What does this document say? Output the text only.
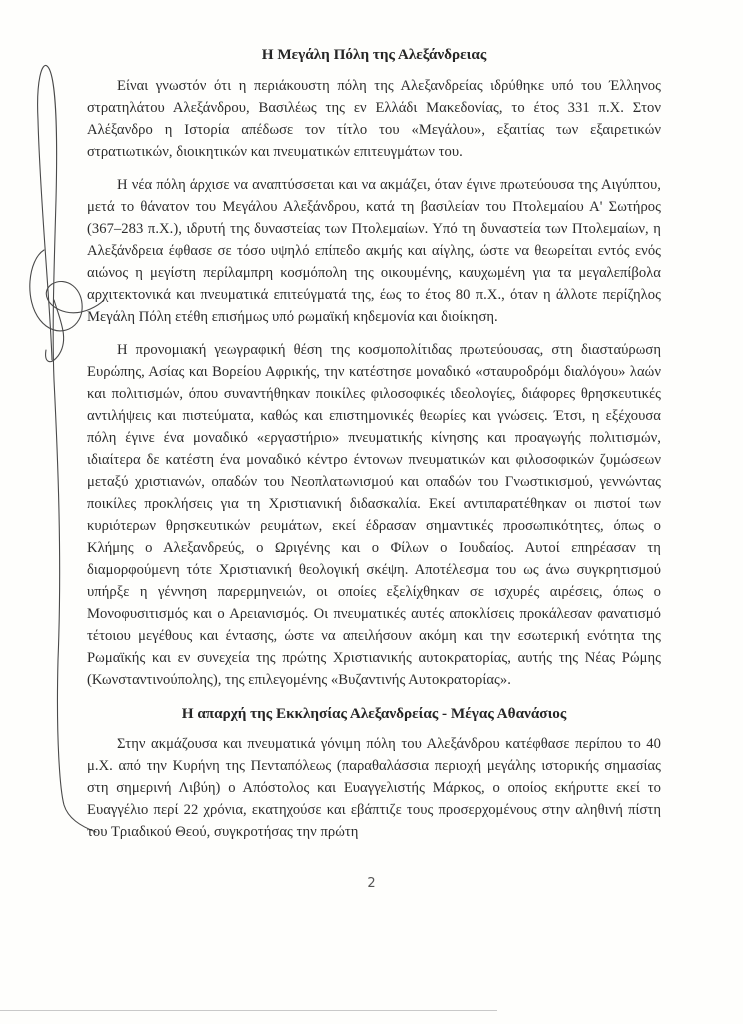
Η Μεγάλη Πόλη της Αλεξάνδρειας

Είναι γνωστόν ότι η περιάκουστη πόλη της Αλεξανδρείας ιδρύθηκε υπό του Έλληνος στρατηλάτου Αλεξάνδρου, Βασιλέως της εν Ελλάδι Μακεδονίας, το έτος 331 π.Χ. Στον Αλέξανδρο η Ιστορία απέδωσε τον τίτλο του «Μεγάλου», εξαιτίας των εξαιρετικών στρατιωτικών, διοικητικών και πνευματικών επιτευγμάτων του.

Η νέα πόλη άρχισε να αναπτύσσεται και να ακμάζει, όταν έγινε πρωτεύουσα της Αιγύπτου, μετά το θάνατον του Μεγάλου Αλεξάνδρου, κατά τη βασιλείαν του Πτολεμαίου Α' Σωτήρος (367–283 π.Χ.), ιδρυτή της δυναστείας των Πτολεμαίων. Υπό τη δυναστεία των Πτολεμαίων, η Αλεξάνδρεια έφθασε σε τόσο υψηλό επίπεδο ακμής και αίγλης, ώστε να θεωρείται εντός ενός αιώνος η μεγίστη περίλαμπρη κοσμόπολη της οικουμένης, καυχωμένη για τα μεγαλεπίβολα αρχιτεκτονικά και πνευματικά επιτεύγματά της, έως το έτος 80 π.Χ., όταν η άλλοτε περίζηλος Μεγάλη Πόλη ετέθη επισήμως υπό ρωμαϊκή κηδεμονία και διοίκηση.

Η προνομιακή γεωγραφική θέση της κοσμοπολίτιδας πρωτεύουσας, στη διασταύρωση Ευρώπης, Ασίας και Βορείου Αφρικής, την κατέστησε μοναδικό «σταυροδρόμι διαλόγου» λαών και πολιτισμών, όπου συναντήθηκαν ποικίλες φιλοσοφικές ιδεολογίες, διάφορες θρησκευτικές αντιλήψεις και πιστεύματα, καθώς και επιστημονικές θεωρίες και γνώσεις. Έτσι, η εξέχουσα πόλη έγινε ένα μοναδικό «εργαστήριο» πνευματικής κίνησης και προαγωγής πολιτισμών, ιδιαίτερα δε κατέστη ένα μοναδικό κέντρο έντονων πνευματικών και φιλοσοφικών ζυμώσεων μεταξύ χριστιανών, οπαδών του Νεοπλατωνισμού και οπαδών του Γνωστικισμού, γεννώντας ποικίλες προκλήσεις για τη Χριστιανική διδασκαλία. Εκεί αντιπαρατέθηκαν οι πιστοί των κυριότερων θρησκευτικών ρευμάτων, εκεί έδρασαν σημαντικές προσωπικότητες, όπως ο Κλήμης ο Αλεξανδρεύς, ο Ωριγένης και ο Φίλων ο Ιουδαίος. Αυτοί επηρέασαν τη διαμορφούμενη τότε Χριστιανική θεολογική σκέψη. Αποτέλεσμα του ως άνω συγκρητισμού υπήρξε η γέννηση παρερμηνειών, οι οποίες εξελίχθηκαν σε ισχυρές αιρέσεις, όπως ο Μονοφυσιτισμός και ο Αρειανισμός. Οι πνευματικές αυτές αποκλίσεις προκάλεσαν φανατισμό τέτοιου μεγέθους και έντασης, ώστε να απειλήσουν ακόμη και την εσωτερική ενότητα της Ρωμαϊκής και εν συνεχεία της πρώτης Χριστιανικής αυτοκρατορίας, αυτής της Νέας Ρώμης (Κωνσταντινούπολης), της επιλεγομένης «Βυζαντινής Αυτοκρατορίας».

Η απαρχή της Εκκλησίας Αλεξανδρείας - Μέγας Αθανάσιος

Στην ακμάζουσα και πνευματικά γόνιμη πόλη του Αλεξάνδρου κατέφθασε περίπου το 40 μ.Χ. από την Κυρήνη της Πενταπόλεως (παραθαλάσσια περιοχή μεγάλης ιστορικής σημασίας στη σημερινή Λιβύη) ο Απόστολος και Ευαγγελιστής Μάρκος, ο οποίος εκήρυττε εκεί το Ευαγγέλιο περί 22 χρόνια, εκατηχούσε και εβάπτιζε τους προσερχομένους στην αληθινή πίστη του Τριαδικού Θεού, συγκροτήσας την πρώτη

2
